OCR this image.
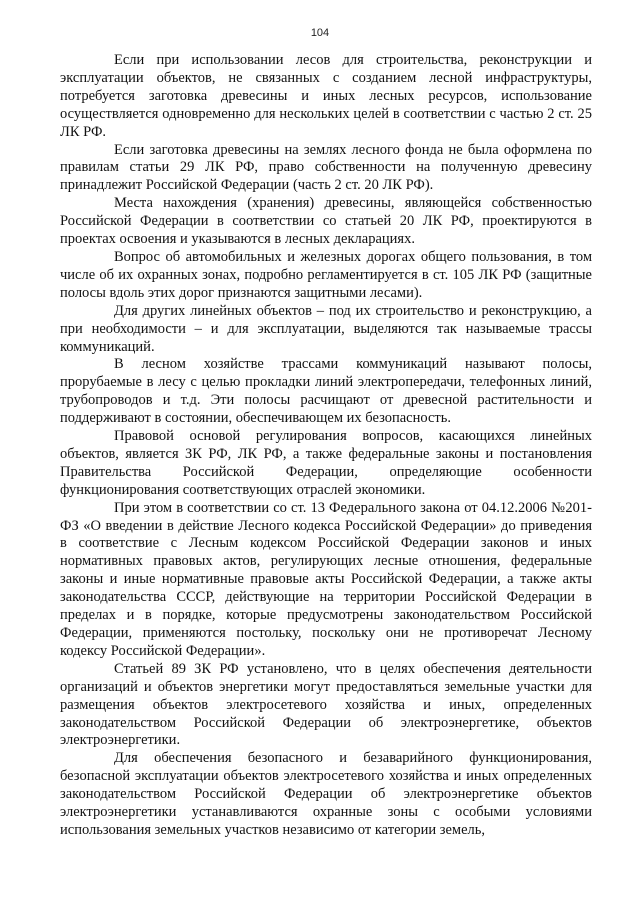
104

Если при использовании лесов для строительства, реконструкции и эксплуатации объектов, не связанных с созданием лесной инфраструктуры, потребуется заготовка древесины и иных лесных ресурсов, использование осуществляется одновременно для нескольких целей в соответствии с частью 2 ст. 25 ЛК РФ.

Если заготовка древесины на землях лесного фонда не была оформлена по правилам статьи 29 ЛК РФ, право собственности на полученную древесину принадлежит Российской Федерации (часть 2 ст. 20 ЛК РФ).

Места нахождения (хранения) древесины, являющейся собственностью Российской Федерации в соответствии со статьей 20 ЛК РФ, проектируются в проектах освоения и указываются в лесных декларациях.

Вопрос об автомобильных и железных дорогах общего пользования, в том числе об их охранных зонах, подробно регламентируется в ст. 105 ЛК РФ (защитные полосы вдоль этих дорог признаются защитными лесами).

Для других линейных объектов – под их строительство и реконструкцию, а при необходимости – и для эксплуатации, выделяются так называемые трассы коммуникаций.

В лесном хозяйстве трассами коммуникаций называют полосы, прорубаемые в лесу с целью прокладки линий электропередачи, телефонных линий, трубопроводов и т.д. Эти полосы расчищают от древесной растительности и поддерживают в состоянии, обеспечивающем их безопасность.

Правовой основой регулирования вопросов, касающихся линейных объектов, является ЗК РФ, ЛК РФ, а также федеральные законы и постановления Правительства Российской Федерации, определяющие особенности функционирования соответствующих отраслей экономики.

При этом в соответствии со ст. 13 Федерального закона от 04.12.2006 №201-ФЗ «О введении в действие Лесного кодекса Российской Федерации» до приведения в соответствие с Лесным кодексом Российской Федерации законов и иных нормативных правовых актов, регулирующих лесные отношения, федеральные законы и иные нормативные правовые акты Российской Федерации, а также акты законодательства СССР, действующие на территории Российской Федерации в пределах и в порядке, которые предусмотрены законодательством Российской Федерации, применяются постольку, поскольку они не противоречат Лесному кодексу Российской Федерации».

Статьей 89 ЗК РФ установлено, что в целях обеспечения деятельности организаций и объектов энергетики могут предоставляться земельные участки для размещения объектов электросетевого хозяйства и иных, определенных законодательством Российской Федерации об электроэнергетике, объектов электроэнергетики.

Для обеспечения безопасного и безаварийного функционирования, безопасной эксплуатации объектов электросетевого хозяйства и иных определенных законодательством Российской Федерации об электроэнергетике объектов электроэнергетики устанавливаются охранные зоны с особыми условиями использования земельных участков независимо от категории земель,
